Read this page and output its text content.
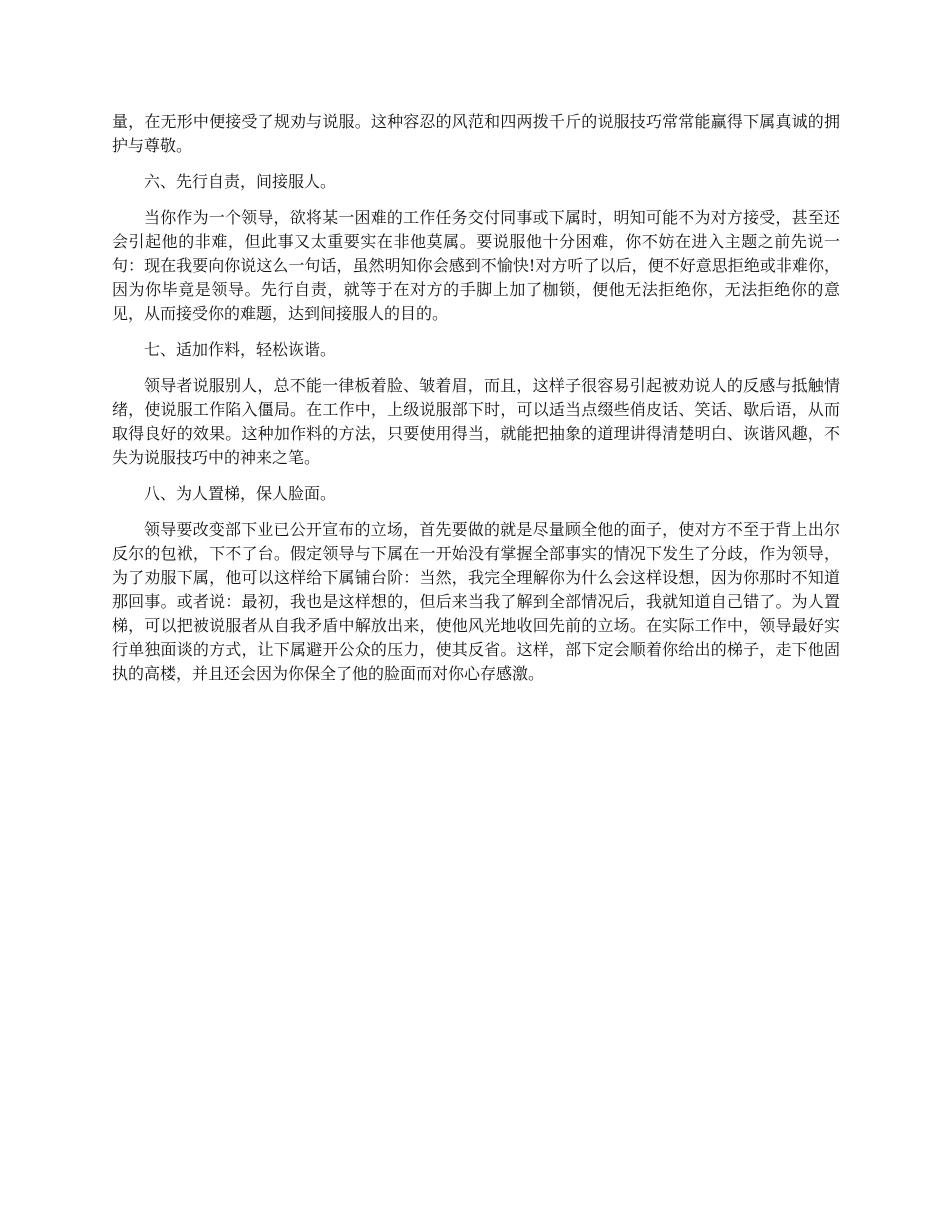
量，在无形中便接受了规劝与说服。这种容忍的风范和四两拨千斤的说服技巧常常能赢得下属真诚的拥护与尊敬。

六、先行自责，间接服人。

当你作为一个领导，欲将某一困难的工作任务交付同事或下属时，明知可能不为对方接受，甚至还会引起他的非难，但此事又太重要实在非他莫属。要说服他十分困难，你不妨在进入主题之前先说一句：现在我要向你说这么一句话，虽然明知你会感到不愉快!对方听了以后，便不好意思拒绝或非难你，因为你毕竟是领导。先行自责，就等于在对方的手脚上加了枷锁，便他无法拒绝你，无法拒绝你的意见，从而接受你的难题，达到间接服人的目的。

七、适加作料，轻松诙谐。

领导者说服别人，总不能一律板着脸、皱着眉，而且，这样子很容易引起被劝说人的反感与抵触情绪，使说服工作陷入僵局。在工作中，上级说服部下时，可以适当点缀些俏皮话、笑话、歇后语，从而取得良好的效果。这种加作料的方法，只要使用得当，就能把抽象的道理讲得清楚明白、诙谐风趣，不失为说服技巧中的神来之笔。

八、为人置梯，保人脸面。

领导要改变部下业已公开宣布的立场，首先要做的就是尽量顾全他的面子，使对方不至于背上出尔反尔的包袱，下不了台。假定领导与下属在一开始没有掌握全部事实的情况下发生了分歧，作为领导，为了劝服下属，他可以这样给下属铺台阶：当然，我完全理解你为什么会这样设想，因为你那时不知道那回事。或者说：最初，我也是这样想的，但后来当我了解到全部情况后，我就知道自己错了。为人置梯，可以把被说服者从自我矛盾中解放出来，使他风光地收回先前的立场。在实际工作中，领导最好实行单独面谈的方式，让下属避开公众的压力，使其反省。这样，部下定会顺着你给出的梯子，走下他固执的高楼，并且还会因为你保全了他的脸面而对你心存感激。
